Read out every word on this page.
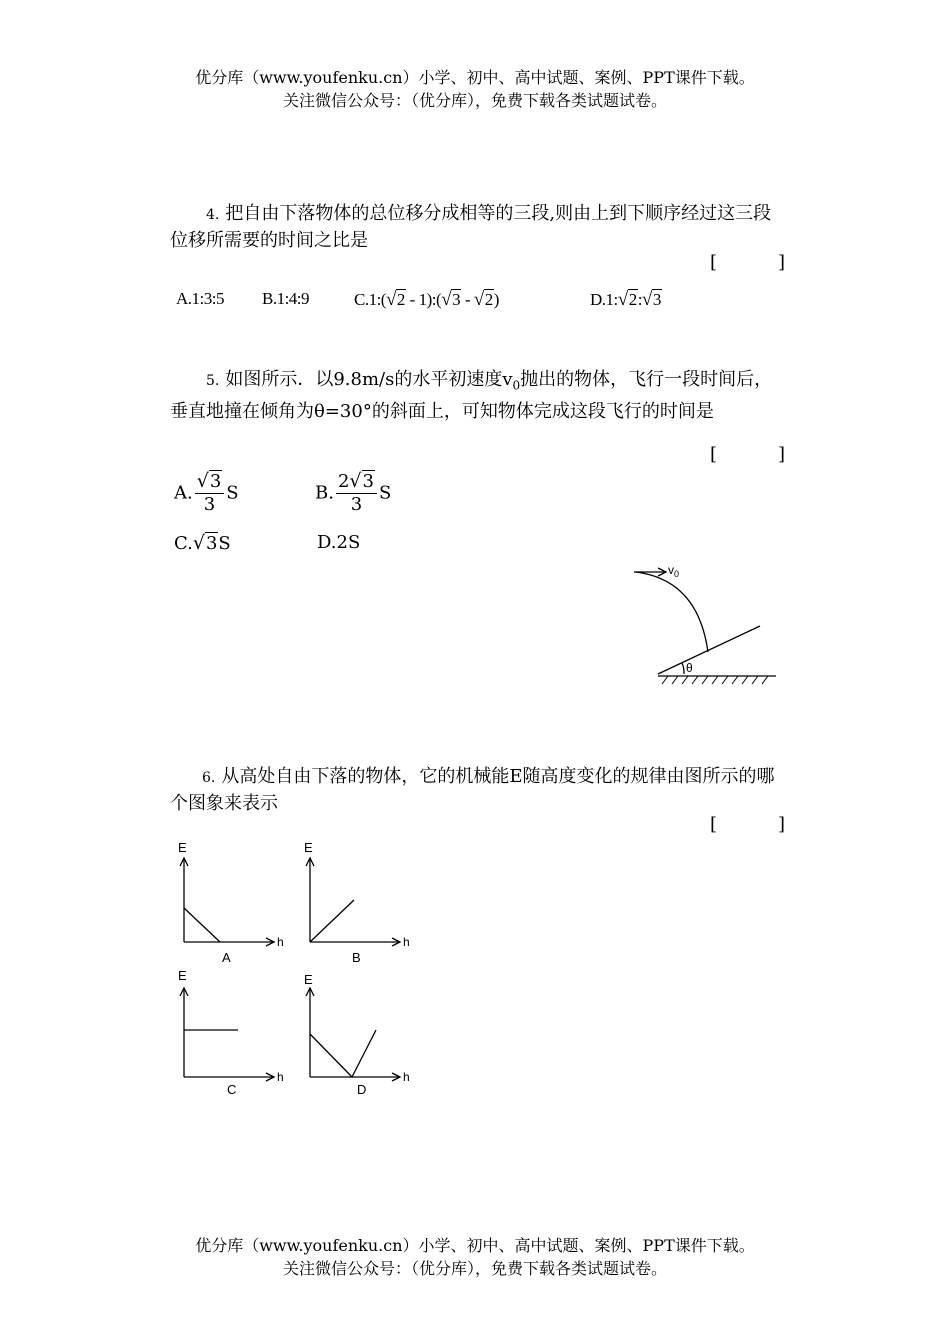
优分库（www.youfenku.cn）小学、初中、高中试题、案例、PPT课件下载。
关注微信公众号：（优分库），免费下载各类试题试卷。
4. 把自由下落物体的总位移分成相等的三段,则由上到下顺序经过这三段位移所需要的时间之比是
[	]
A.1:3:5 B.1:4:9	C.1:(√2 - 1):(√3 - √2)	D.1:√2:√3
5. 如图所示．以9.8m/s的水平初速度$v_0$抛出的物体，飞行一段时间后，垂直地撞在倾角为θ=30°的斜面上，可知物体完成这段飞行的时间是
[	]
A. $\frac{√3}{3}$ S	B. $\frac{2√3}{3}$ S
C.√3S	D.2S
$v_0$
θ
6. 从高处自由下落的物体，它的机械能E随高度变化的规律由图所示的哪个图象来表示
[	]
E
h
A
E
h
B
E
h
C
E
h
D
优分库（www.youfenku.cn）小学、初中、高中试题、案例、PPT课件下载。
关注微信公众号：（优分库），免费下载各类试题试卷。
